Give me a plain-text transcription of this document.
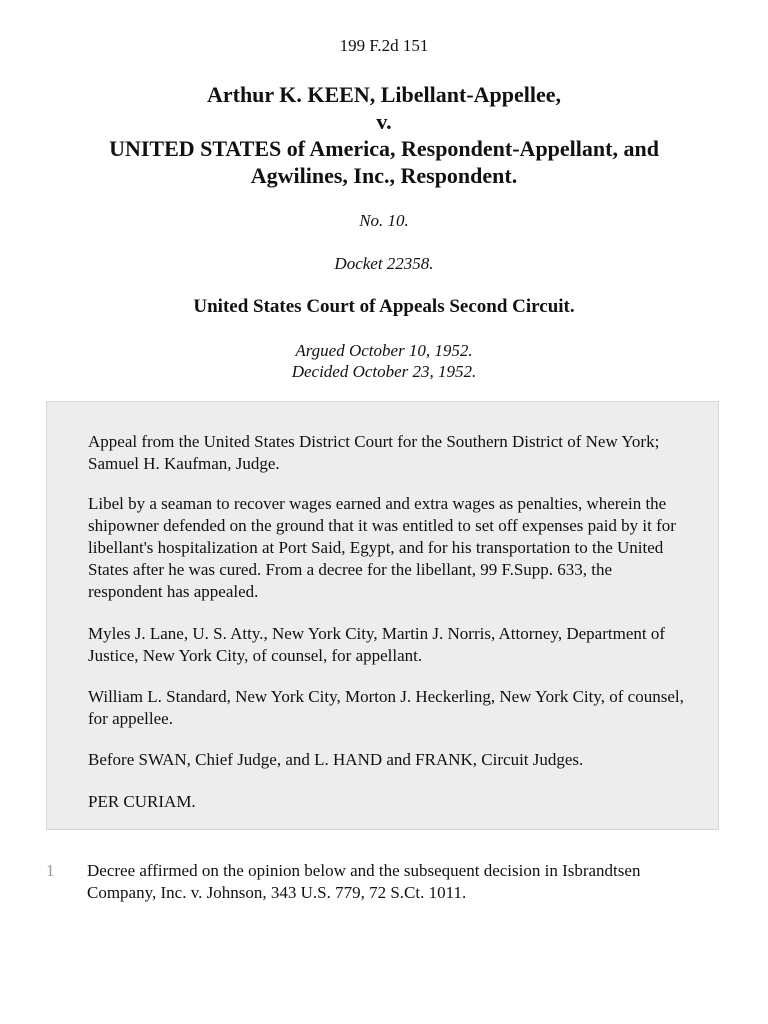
199 F.2d 151
Arthur K. KEEN, Libellant-Appellee,
v.
UNITED STATES of America, Respondent-Appellant, and
Agwilines, Inc., Respondent.
No. 10.
Docket 22358.
United States Court of Appeals Second Circuit.
Argued October 10, 1952.
Decided October 23, 1952.

Appeal from the United States District Court for the Southern District of New York; Samuel H. Kaufman, Judge.

Libel by a seaman to recover wages earned and extra wages as penalties, wherein the shipowner defended on the ground that it was entitled to set off expenses paid by it for libellant's hospitalization at Port Said, Egypt, and for his transportation to the United States after he was cured. From a decree for the libellant, 99 F.Supp. 633, the respondent has appealed.

Myles J. Lane, U. S. Atty., New York City, Martin J. Norris, Attorney, Department of Justice, New York City, of counsel, for appellant.

William L. Standard, New York City, Morton J. Heckerling, New York City, of counsel, for appellee.

Before SWAN, Chief Judge, and L. HAND and FRANK, Circuit Judges.

PER CURIAM.

1 Decree affirmed on the opinion below and the subsequent decision in Isbrandtsen Company, Inc. v. Johnson, 343 U.S. 779, 72 S.Ct. 1011.
